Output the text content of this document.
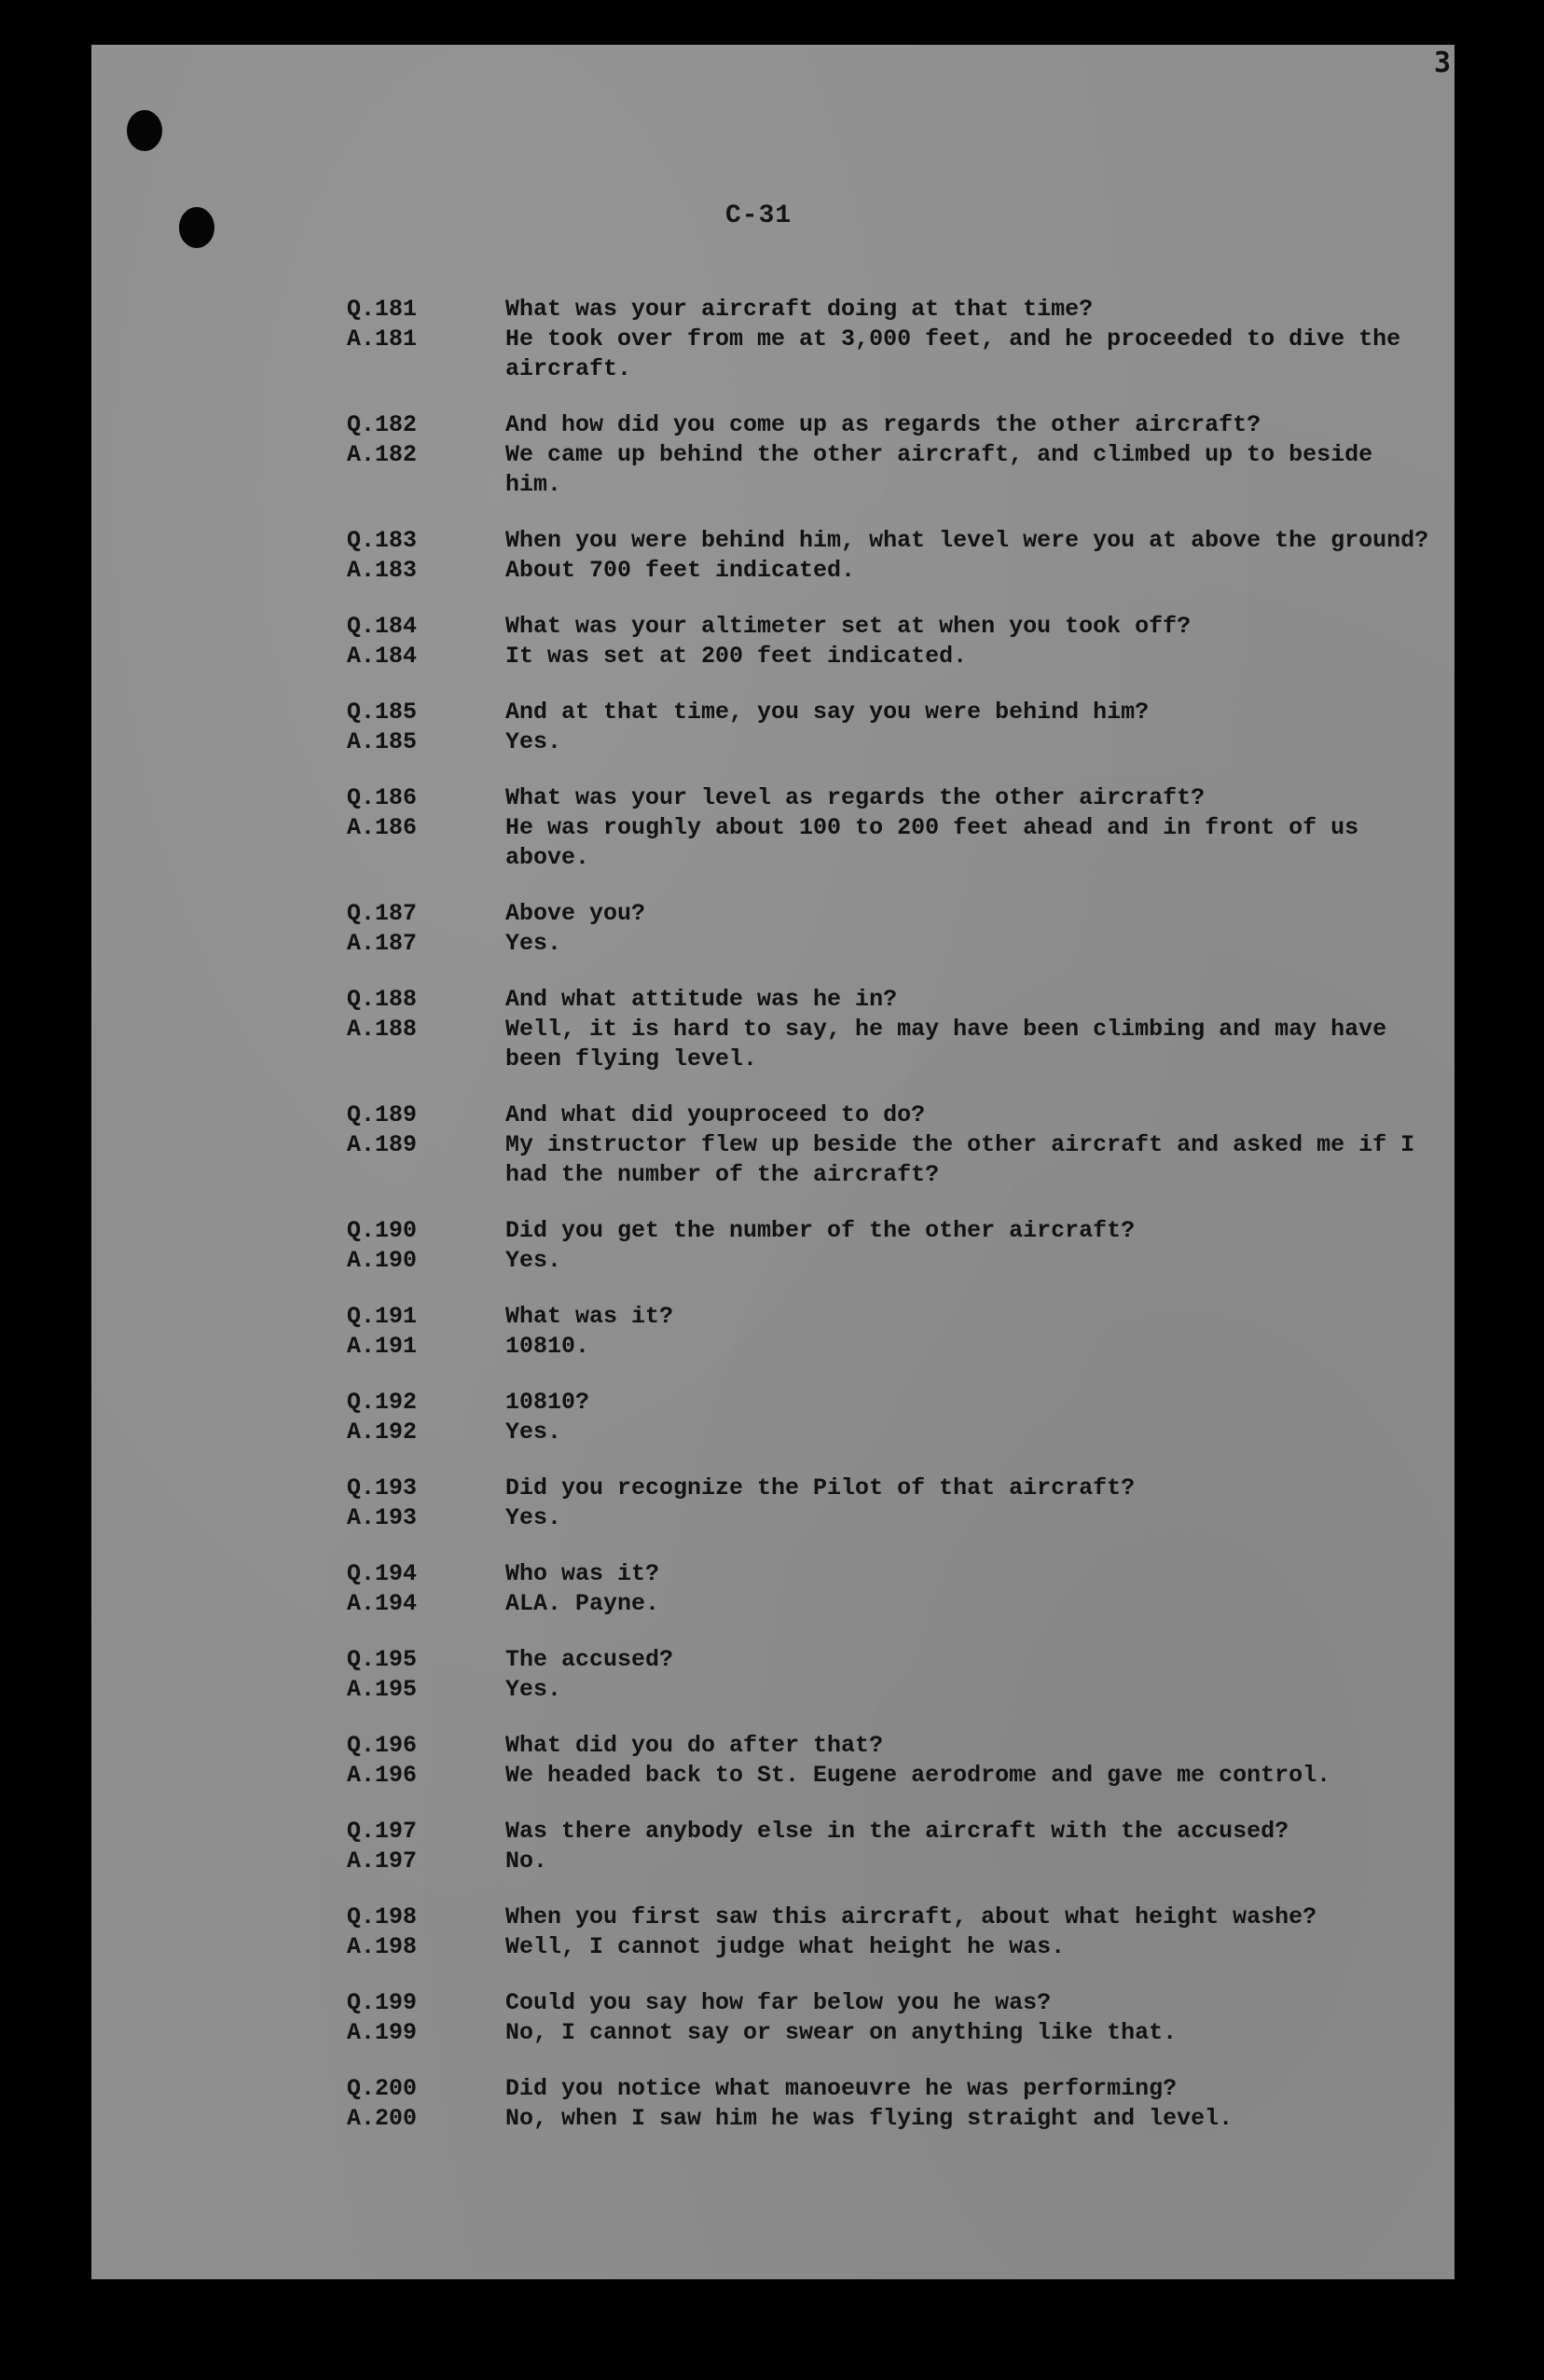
3
C-31
Q.181	What was your aircraft doing at that time?
A.181	He took over from me at 3,000 feet, and he proceeded to dive the aircraft.
Q.182	And how did you come up as regards the other aircraft?
A.182	We came up behind the other aircraft, and climbed up to beside him.
Q.183	When you were behind him, what level were you at above the ground?
A.183	About 700 feet indicated.
Q.184	What was your altimeter set at when you took off?
A.184	It was set at 200 feet indicated.
Q.185	And at that time, you say you were behind him?
A.185	Yes.
Q.186	What was your level as regards the other aircraft?
A.186	He was roughly about 100 to 200 feet ahead and in front of us above.
Q.187	Above you?
A.187	Yes.
Q.188	And what attitude was he in?
A.188	Well, it is hard to say, he may have been climbing and may have been flying level.
Q.189	And what did youproceed to do?
A.189	My instructor flew up beside the other aircraft and asked me if I had the number of the aircraft?
Q.190	Did you get the number of the other aircraft?
A.190	Yes.
Q.191	What was it?
A.191	10810.
Q.192	10810?
A.192	Yes.
Q.193	Did you recognize the Pilot of that aircraft?
A.193	Yes.
Q.194	Who was it?
A.194	ALA. Payne.
Q.195	The accused?
A.195	Yes.
Q.196	What did you do after that?
A.196	We headed back to St. Eugene aerodrome and gave me control.
Q.197	Was there anybody else in the aircraft with the accused?
A.197	No.
Q.198	When you first saw this aircraft, about what height washe?
A.198	Well, I cannot judge what height he was.
Q.199	Could you say how far below you he was?
A.199	No, I cannot say or swear on anything like that.
Q.200	Did you notice what manoeuvre he was performing?
A.200	No, when I saw him he was flying straight and level.
